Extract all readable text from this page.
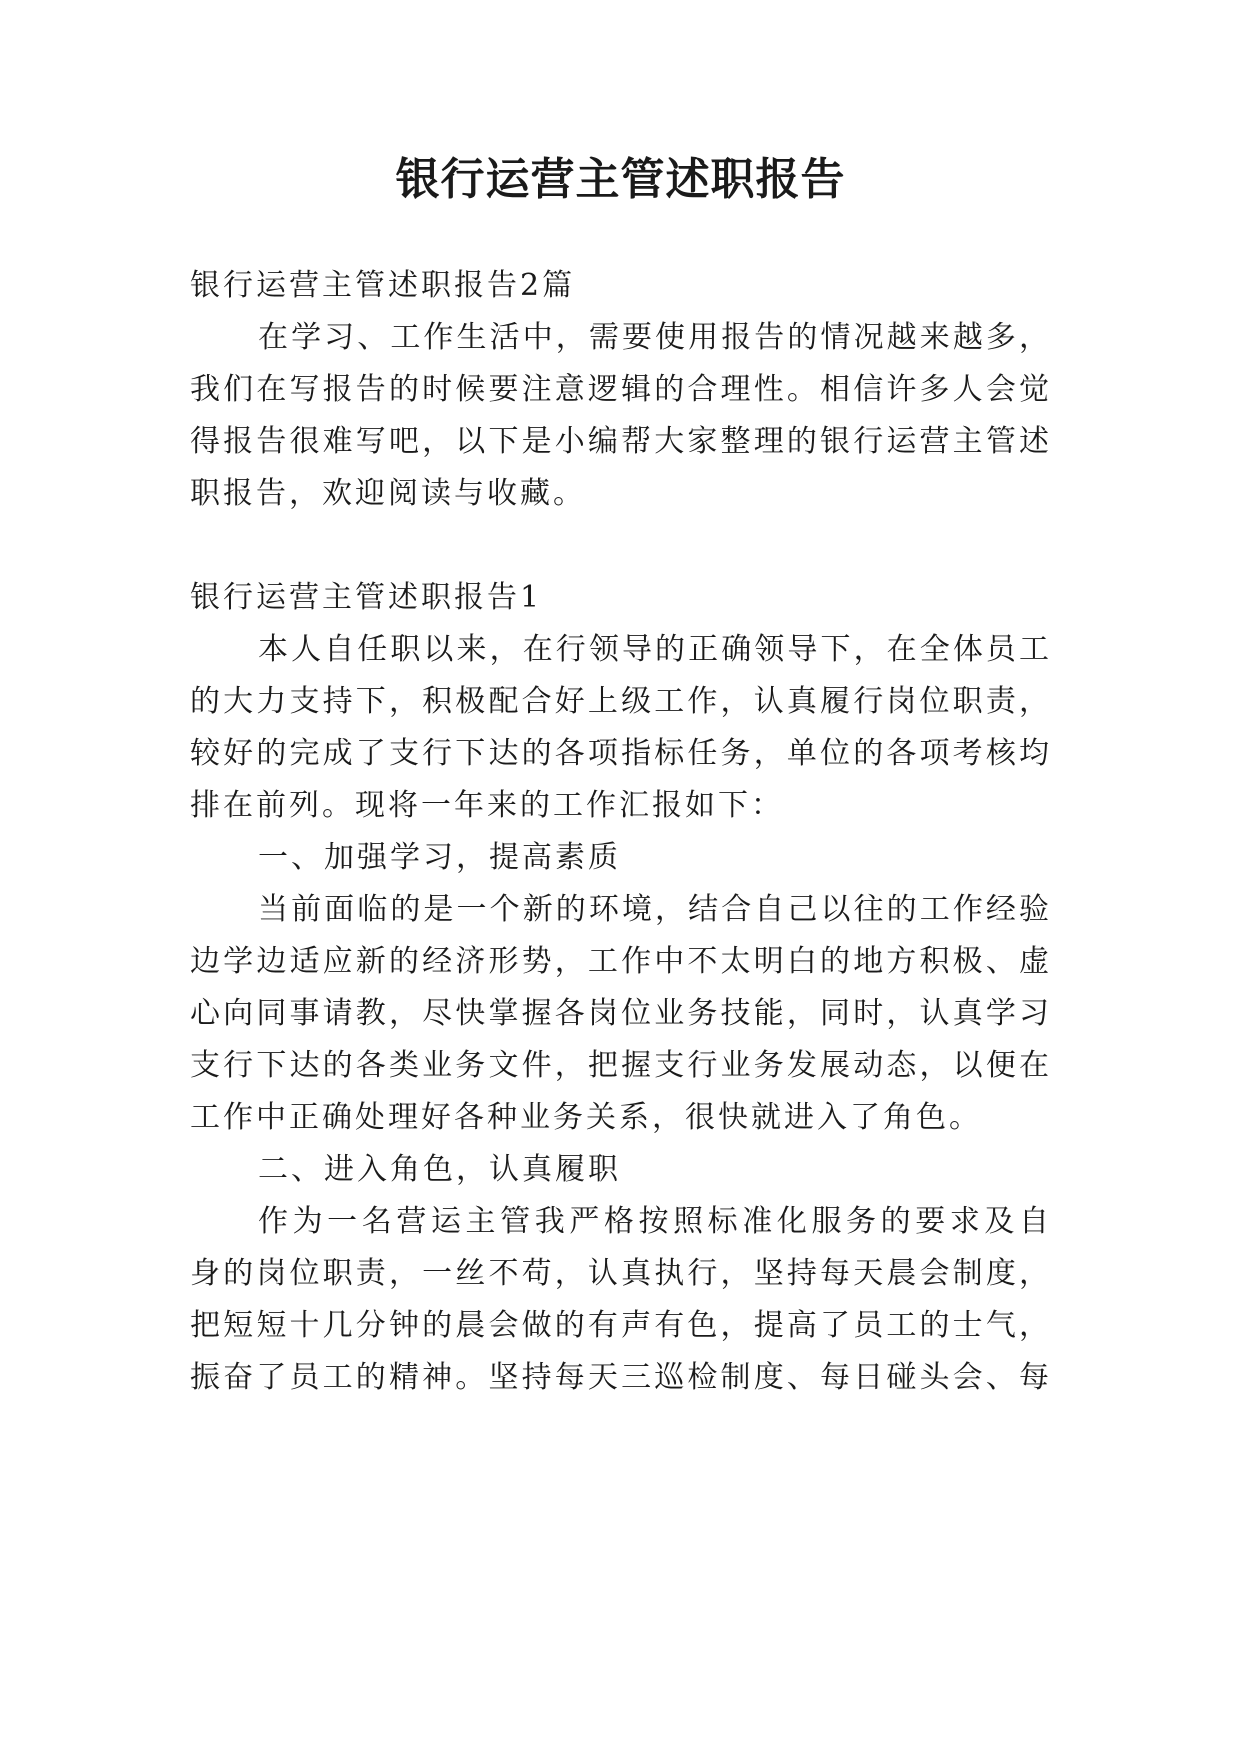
银行运营主管述职报告
银行运营主管述职报告2篇
在学习、工作生活中，需要使用报告的情况越来越多，
我们在写报告的时候要注意逻辑的合理性。相信许多人会觉
得报告很难写吧，以下是小编帮大家整理的银行运营主管述
职报告，欢迎阅读与收藏。
银行运营主管述职报告1
本人自任职以来，在行领导的正确领导下，在全体员工
的大力支持下，积极配合好上级工作，认真履行岗位职责，
较好的完成了支行下达的各项指标任务，单位的各项考核均
排在前列。现将一年来的工作汇报如下：
一、加强学习，提高素质
当前面临的是一个新的环境，结合自己以往的工作经验
边学边适应新的经济形势，工作中不太明白的地方积极、虚
心向同事请教，尽快掌握各岗位业务技能，同时，认真学习
支行下达的各类业务文件，把握支行业务发展动态，以便在
工作中正确处理好各种业务关系，很快就进入了角色。
二、进入角色，认真履职
作为一名营运主管我严格按照标准化服务的要求及自
身的岗位职责，一丝不苟，认真执行，坚持每天晨会制度，
把短短十几分钟的晨会做的有声有色，提高了员工的士气，
振奋了员工的精神。坚持每天三巡检制度、每日碰头会、每
